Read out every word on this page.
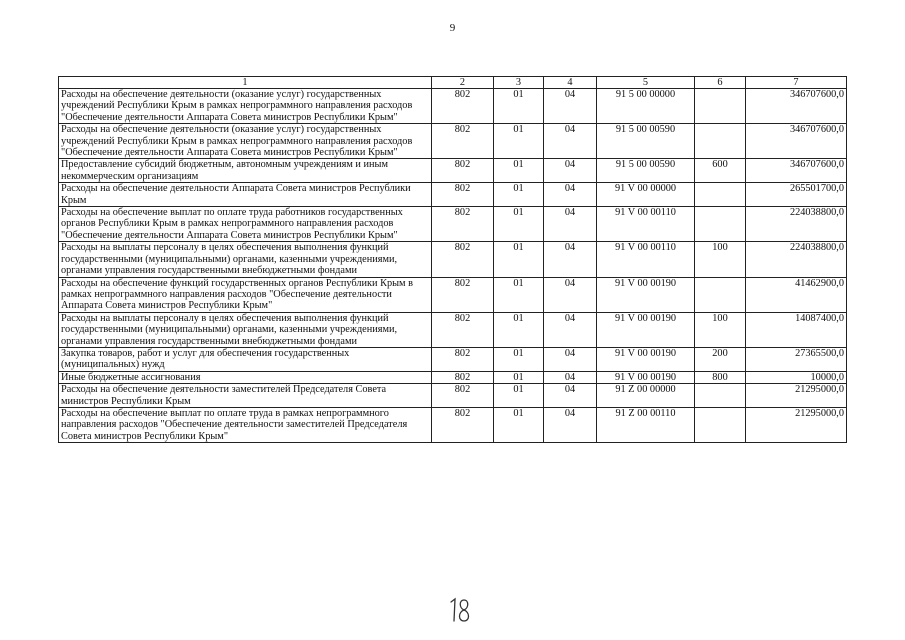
9
1	2	3	4	5	6	7
Расходы на обеспечение деятельности (оказание услуг) государственных учреждений Республики Крым в рамках непрограммного направления расходов "Обеспечение деятельности Аппарата Совета министров Республики Крым"	802	01	04	91 5 00 00000		346707600,0
Расходы на обеспечение деятельности (оказание услуг) государственных учреждений Республики Крым в рамках непрограммного направления расходов "Обеспечение деятельности Аппарата Совета министров Республики Крым"	802	01	04	91 5 00 00590		346707600,0
Предоставление субсидий бюджетным, автономным учреждениям и иным некоммерческим организациям	802	01	04	91 5 00 00590	600	346707600,0
Расходы на обеспечение деятельности Аппарата Совета министров Республики Крым	802	01	04	91 V 00 00000		265501700,0
Расходы на обеспечение выплат по оплате труда работников государственных органов Республики Крым в рамках непрограммного направления расходов "Обеспечение деятельности Аппарата Совета министров Республики Крым"	802	01	04	91 V 00 00110		224038800,0
Расходы на выплаты персоналу в целях обеспечения выполнения функций государственными (муниципальными) органами, казенными учреждениями, органами управления государственными внебюджетными фондами	802	01	04	91 V 00 00110	100	224038800,0
Расходы на обеспечение функций государственных органов Республики Крым в рамках непрограммного направления расходов "Обеспечение деятельности Аппарата Совета министров Республики Крым"	802	01	04	91 V 00 00190		41462900,0
Расходы на выплаты персоналу в целях обеспечения выполнения функций государственными (муниципальными) органами, казенными учреждениями, органами управления государственными внебюджетными фондами	802	01	04	91 V 00 00190	100	14087400,0
Закупка товаров, работ и услуг для обеспечения государственных (муниципальных) нужд	802	01	04	91 V 00 00190	200	27365500,0
Иные бюджетные ассигнования	802	01	04	91 V 00 00190	800	10000,0
Расходы на обеспечение деятельности заместителей Председателя Совета министров Республики Крым	802	01	04	91 Z 00 00000		21295000,0
Расходы на обеспечение выплат по оплате труда в рамках непрограммного направления расходов "Обеспечение деятельности заместителей Председателя Совета министров Республики Крым"	802	01	04	91 Z 00 00110		21295000,0
